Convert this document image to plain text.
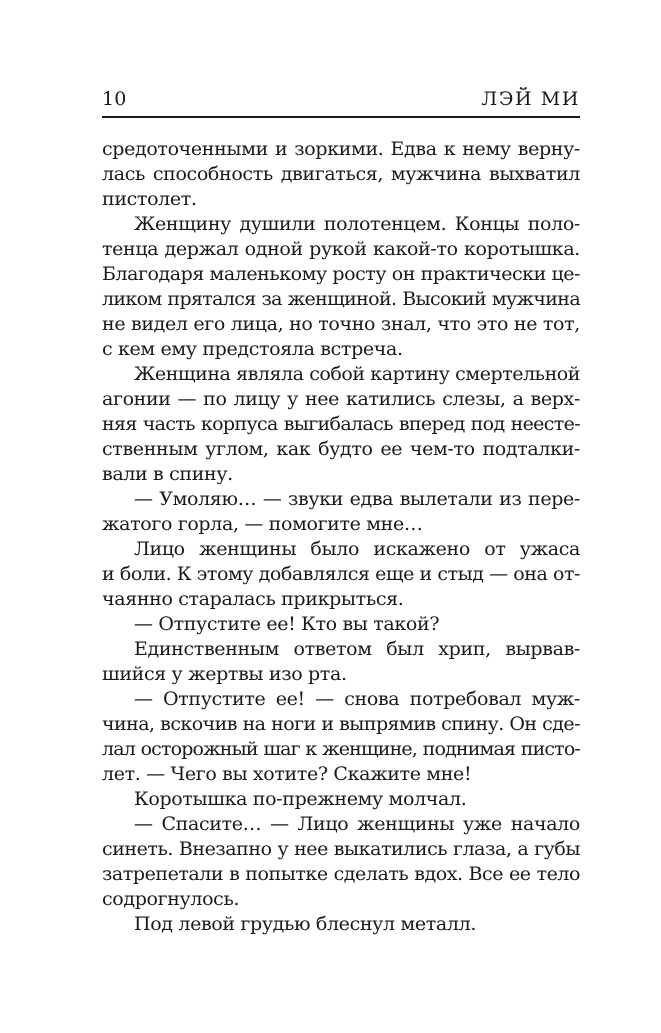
10	ЛЭЙ МИ
средоточенными и зоркими. Едва к нему верну-
лась способность двигаться, мужчина выхватил
пистолет.
Женщину душили полотенцем. Концы поло-
тенца держал одной рукой какой-то коротышка.
Благодаря маленькому росту он практически це-
ликом прятался за женщиной. Высокий мужчина
не видел его лица, но точно знал, что это не тот,
с кем ему предстояла встреча.
Женщина являла собой картину смертельной
агонии — по лицу у нее катились слезы, а верх-
няя часть корпуса выгибалась вперед под неесте-
ственным углом, как будто ее чем-то подталки-
вали в спину.
— Умоляю… — звуки едва вылетали из пере-
жатого горла, — помогите мне…
Лицо женщины было искажено от ужаса
и боли. К этому добавлялся еще и стыд — она от-
чаянно старалась прикрыться.
— Отпустите ее! Кто вы такой?
Единственным ответом был хрип, вырвав-
шийся у жертвы изо рта.
— Отпустите ее! — снова потребовал муж-
чина, вскочив на ноги и выпрямив спину. Он сде-
лал осторожный шаг к женщине, поднимая писто-
лет. — Чего вы хотите? Скажите мне!
Коротышка по-прежнему молчал.
— Спасите… — Лицо женщины уже начало
синеть. Внезапно у нее выкатились глаза, а губы
затрепетали в попытке сделать вдох. Все ее тело
содрогнулось.
Под левой грудью блеснул металл.
